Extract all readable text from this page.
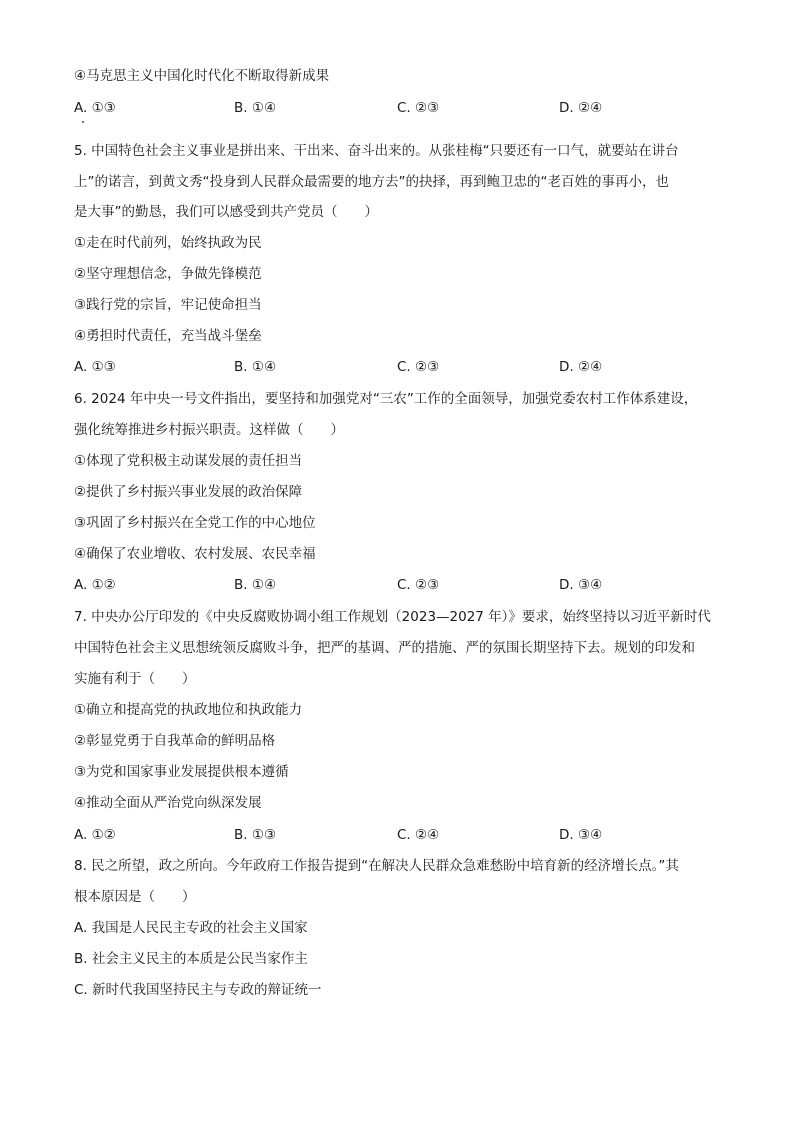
④马克思主义中国化时代化不断取得新成果
A. ①③	B. ①④	C. ②③	D. ②④
5. 中国特色社会主义事业是拼出来、干出来、奋斗出来的。从张桂梅“只要还有一口气，就要站在讲台
上”的诺言，到黄文秀“投身到人民群众最需要的地方去”的抉择，再到鲍卫忠的“老百姓的事再小，也
是大事”的勤恳，我们可以感受到共产党员（　　）
①走在时代前列，始终执政为民
②坚守理想信念，争做先锋模范
③践行党的宗旨，牢记使命担当
④勇担时代责任，充当战斗堡垒
A. ①③	B. ①④	C. ②③	D. ②④
6. 2024 年中央一号文件指出，要坚持和加强党对“三农”工作的全面领导，加强党委农村工作体系建设，
强化统筹推进乡村振兴职责。这样做（　　）
①体现了党积极主动谋发展的责任担当
②提供了乡村振兴事业发展的政治保障
③巩固了乡村振兴在全党工作的中心地位
④确保了农业增收、农村发展、农民幸福
A. ①②	B. ①④	C. ②③	D. ③④
7. 中央办公厅印发的《中央反腐败协调小组工作规划（2023—2027 年）》要求，始终坚持以习近平新时代
中国特色社会主义思想统领反腐败斗争，把严的基调、严的措施、严的氛围长期坚持下去。规划的印发和
实施有利于（　　）
①确立和提高党的执政地位和执政能力
②彰显党勇于自我革命的鲜明品格
③为党和国家事业发展提供根本遵循
④推动全面从严治党向纵深发展
A. ①②	B. ①③	C. ②④	D. ③④
8. 民之所望，政之所向。今年政府工作报告提到“在解决人民群众急难愁盼中培育新的经济增长点。”其
根本原因是（　　）
A. 我国是人民民主专政的社会主义国家
B. 社会主义民主的本质是公民当家作主
C. 新时代我国坚持民主与专政的辩证统一
